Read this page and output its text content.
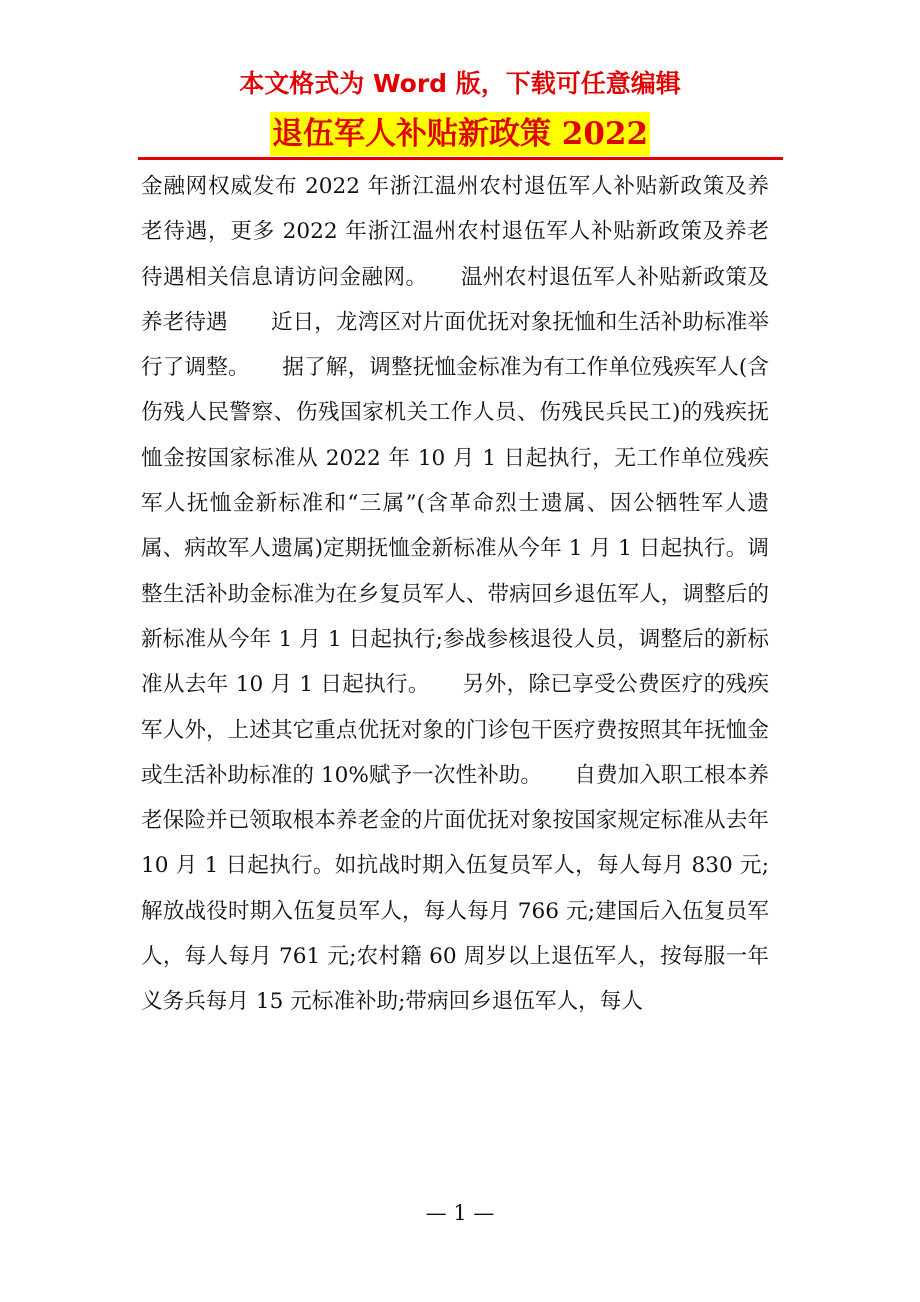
本文格式为 Word 版，下载可任意编辑
退伍军人补贴新政策 2022

金融网权威发布 2022 年浙江温州农村退伍军人补贴新政策及养老待遇，更多 2022 年浙江温州农村退伍军人补贴新政策及养老待遇相关信息请访问金融网。　　温州农村退伍军人补贴新政策及养老待遇　　近日，龙湾区对片面优抚对象抚恤和生活补助标准举行了调整。　　据了解，调整抚恤金标准为有工作单位残疾军人(含伤残人民警察、伤残国家机关工作人员、伤残民兵民工)的残疾抚恤金按国家标准从 2022 年 10 月 1 日起执行，无工作单位残疾军人抚恤金新标准和“三属”(含革命烈士遗属、因公牺牲军人遗属、病故军人遗属)定期抚恤金新标准从今年 1 月 1 日起执行。调整生活补助金标准为在乡复员军人、带病回乡退伍军人，调整后的新标准从今年 1 月 1 日起执行;参战参核退役人员，调整后的新标准从去年 10 月 1 日起执行。　　另外，除已享受公费医疗的残疾军人外，上述其它重点优抚对象的门诊包干医疗费按照其年抚恤金或生活补助标准的 10%赋予一次性补助。　　自费加入职工根本养老保险并已领取根本养老金的片面优抚对象按国家规定标准从去年 10 月 1 日起执行。如抗战时期入伍复员军人，每人每月 830 元;解放战役时期入伍复员军人，每人每月 766 元;建国后入伍复员军人，每人每月 761 元;农村籍 60 周岁以上退伍军人，按每服一年义务兵每月 15 元标准补助;带病回乡退伍军人，每人

— 1 —
